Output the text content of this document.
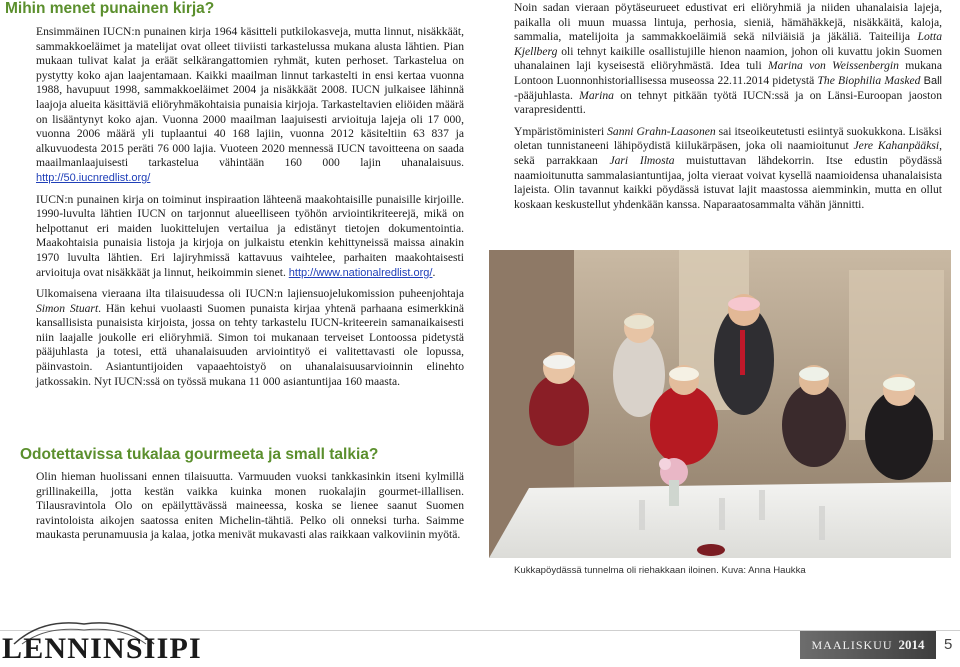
Mihin menet punainen kirja?

Ensimmäinen IUCN:n punainen kirja 1964 käsitteli putkilokasveja, mutta linnut, nisäkkäät, sammakkoeläimet ja matelijat ovat olleet tiiviisti tarkastelussa mukana alusta lähtien. Pian mukaan tulivat kalat ja eräät selkärangattomien ryhmät, kuten perhoset. Tarkastelua on pystytty koko ajan laajentamaan. Kaikki maailman linnut tarkastelti in ensi kertaa vuonna 1988, havupuut 1998, sammakkoeläimet 2004 ja nisäkkäät 2008. IUCN julkaisee lähinnä laajoja alueita käsittäviä eliöryhmäkohtaisia punaisia kirjoja. Tarkasteltavien eliöiden määrä on lisääntynyt koko ajan. Vuonna 2000 maailman laajuisesti arvioituja lajeja oli 17 000, vuonna 2006 määrä yli tuplaantui 40 168 lajiin, vuonna 2012 käsiteltiin 63 837 ja alkuvuodesta 2015 peräti 76 000 lajia. Vuoteen 2020 mennessä IUCN tavoitteena on saada maailmanlaajuisesti tarkastelua vähintään 160 000 lajin uhanalaisuus. http://50.iucnredlist.org/

IUCN:n punainen kirja on toiminut inspiraation lähteenä maakohtaisille punaisille kirjoille. 1990-luvulta lähtien IUCN on tarjonnut alueelliseen työhön arviointikriteerejä, mikä on helpottanut eri maiden luokittelujen vertailua ja edistänyt tietojen dokumentointia. Maakohtaisia punaisia listoja ja kirjoja on julkaistu etenkin kehittyneissä maissa ainakin 1970 luvulta lähtien. Eri lajiryhmissä kattavuus vaihtelee, parhaiten maakohtaisesti arvioituja ovat nisäkkäät ja linnut, heikoimmin sienet. http://www.nationalredlist.org/.

Ulkomaisena vieraana ilta tilaisuudessa oli IUCN:n lajiensuojelukomission puheenjohtaja Simon Stuart. Hän kehui vuolaasti Suomen punaista kirjaa yhtenä parhaana esimerkkinä kansallisista punaisista kirjoista, jossa on tehty tarkastelu IUCN-kriteerein samanaikaisesti niin laajalle joukolle eri eliöryhmiä. Simon toi mukanaan terveiset Lontoossa pidetystä pääjuhlasta ja totesi, että uhanalaisuuden arviointityö ei valitettavasti ole lopussa, päinvastoin. Asiantuntijoiden vapaaehtoistyö on uhanalaisuusarvioinnin elinehto jatkossakin. Nyt IUCN:ssä on työssä mukana 11 000 asiantuntijaa 160 maasta.

Odotettavissa tukalaa gourmeeta ja small talkia?

Olin hieman huolissani ennen tilaisuutta. Varmuuden vuoksi tankkasinkin itseni kylmillä grillinakeilla, jotta kestän vaikka kuinka monen ruokalajin gourmet-illallisen. Tilausravintola Olo on epäilyttävässä maineessa, koska se lienee saanut Suomen ravintoloista aikojen saatossa eniten Michelin-tähtiä. Pelko oli onneksi turha. Saimme maukasta perunamuusia ja kalaa, jotka menivät mukavasti alas raikkaan valkoviinin myötä.

Noin sadan vieraan pöytäseurueet edustivat eri eliöryhmiä ja niiden uhanalaisia lajeja, paikalla oli muun muassa lintuja, perhosia, sieniä, hämähäkkejä, nisäkkäitä, kaloja, sammalia, matelijoita ja sammakkoeläimiä sekä nilviäisiä ja jäkäliä. Taiteilija Lotta Kjellberg oli tehnyt kaikille osallistujille hienon naamion, johon oli kuvattu jokin Suomen uhanalainen laji kyseisestä eliöryhmästä. Idea tuli Marina von Weissenbergin mukana Lontoon Luonnonhistoriallisessa museossa 22.11.2014 pidetystä The Biophilia Masked Ball -pääjuhlasta. Marina on tehnyt pitkään työtä IUCN:ssä ja on Länsi-Euroopan jaoston varapresidentti.

Ympäristöministeri Sanni Grahn-Laasonen sai itseoikeutetusti esiintyä suokukkona. Lisäksi oletan tunnistaneeni lähipöydistä kiilukärpäsen, joka oli naamioitunut Jere Kahanpääksi, sekä parrakkaan Jari Ilmosta muistuttavan lähdekorrin. Itse edustin pöydässä naamioitunutta sammalasiantuntijaa, jolta vieraat voivat kysellä naamioidensa uhanalaisista lajeista. Olin tavannut kaikki pöydässä istuvat lajit maastossa aiemminkin, mutta en ollut koskaan keskustellut yhdenkään kanssa. Naparaatosammalta vähän jännitti.

Kukkapöydässä tunnelma oli riehakkaan iloinen. Kuva: Anna Haukka
LENNINSIIPI	MAALISKUU 2014 5
